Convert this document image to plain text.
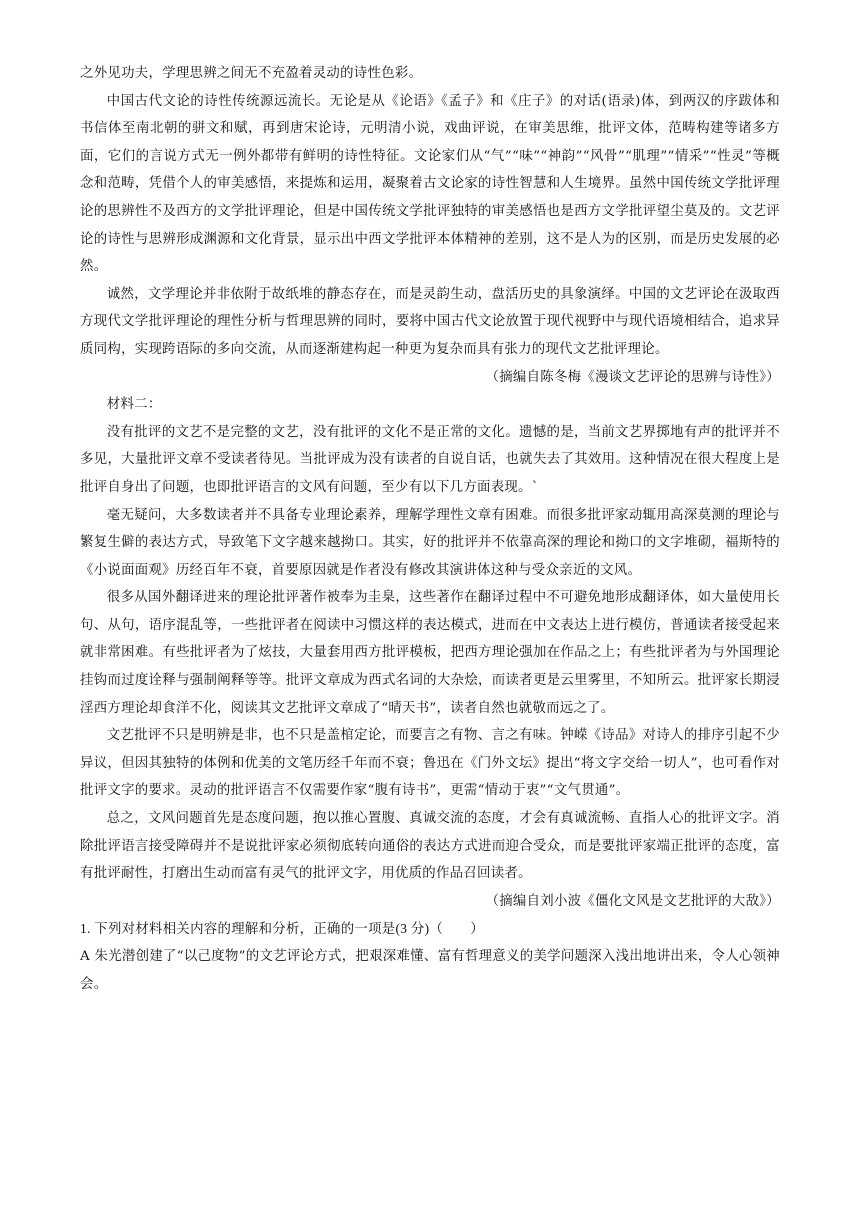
之外见功夫，学理思辨之间无不充盈着灵动的诗性色彩。

中国古代文论的诗性传统源远流长。无论是从《论语》《孟子》和《庄子》的对话(语录)体，到两汉的序跋体和书信体至南北朝的骈文和赋，再到唐宋论诗，元明清小说，戏曲评说，在审美思维，批评文体，范畴构建等诸多方面，它们的言说方式无一例外都带有鲜明的诗性特征。文论家们从“气”“味”“神韵”“风骨”“肌理”“情采”“性灵”等概念和范畴，凭借个人的审美感悟，来提炼和运用，凝聚着古文论家的诗性智慧和人生境界。虽然中国传统文学批评理论的思辨性不及西方的文学批评理论，但是中国传统文学批评独特的审美感悟也是西方文学批评望尘莫及的。文艺评论的诗性与思辨形成渊源和文化背景，显示出中西文学批评本体精神的差别，这不是人为的区别，而是历史发展的必然。

诚然，文学理论并非依附于故纸堆的静态存在，而是灵韵生动，盘活历史的具象演绎。中国的文艺评论在汲取西方现代文学批评理论的理性分析与哲理思辨的同时，要将中国古代文论放置于现代视野中与现代语境相结合，追求异质同构，实现跨语际的多向交流，从而逐渐建构起一种更为复杂而具有张力的现代文艺批评理论。

（摘编自陈冬梅《漫谈文艺评论的思辨与诗性》）

材料二：

没有批评的文艺不是完整的文艺，没有批评的文化不是正常的文化。遗憾的是，当前文艺界掷地有声的批评并不多见，大量批评文章不受读者待见。当批评成为没有读者的自说自话，也就失去了其效用。这种情况在很大程度上是批评自身出了问题，也即批评语言的文风有问题，至少有以下几方面表现。`

毫无疑问，大多数读者并不具备专业理论素养，理解学理性文章有困难。而很多批评家动辄用高深莫测的理论与繁复生僻的表达方式，导致笔下文字越来越拗口。其实，好的批评并不依靠高深的理论和拗口的文字堆砌，福斯特的《小说面面观》历经百年不衰，首要原因就是作者没有修改其演讲体这种与受众亲近的文风。

很多从国外翻译进来的理论批评著作被奉为圭臬，这些著作在翻译过程中不可避免地形成翻译体，如大量使用长句、从句，语序混乱等，一些批评者在阅读中习惯这样的表达模式，进而在中文表达上进行模仿，普通读者接受起来就非常困难。有些批评者为了炫技，大量套用西方批评模板，把西方理论强加在作品之上；有些批评者为与外国理论挂钩而过度诠释与强制阐释等等。批评文章成为西式名词的大杂烩，而读者更是云里雾里，不知所云。批评家长期浸淫西方理论却食洋不化，阅读其文艺批评文章成了“晴天书”，读者自然也就敬而远之了。

文艺批评不只是明辨是非，也不只是盖棺定论，而要言之有物、言之有味。钟嵘《诗品》对诗人的排序引起不少异议，但因其独特的体例和优美的文笔历经千年而不衰；鲁迅在《门外文坛》提出“将文字交给一切人”，也可看作对批评文字的要求。灵动的批评语言不仅需要作家“腹有诗书”，更需“情动于衷”“文气贯通”。

总之，文风问题首先是态度问题，抱以推心置腹、真诚交流的态度，才会有真诚流畅、直指人心的批评文字。消除批评语言接受障碍并不是说批评家必须彻底转向通俗的表达方式进而迎合受众，而是要批评家端正批评的态度，富有批评耐性，打磨出生动而富有灵气的批评文字，用优质的作品召回读者。

（摘编自刘小波《僵化文风是文艺批评的大敌》）

1. 下列对材料相关内容的理解和分析，正确的一项是(3 分)（　　）

A 朱光潜创建了“以己度物”的文艺评论方式，把艰深难懂、富有哲理意义的美学问题深入浅出地讲出来，令人心领神会。
